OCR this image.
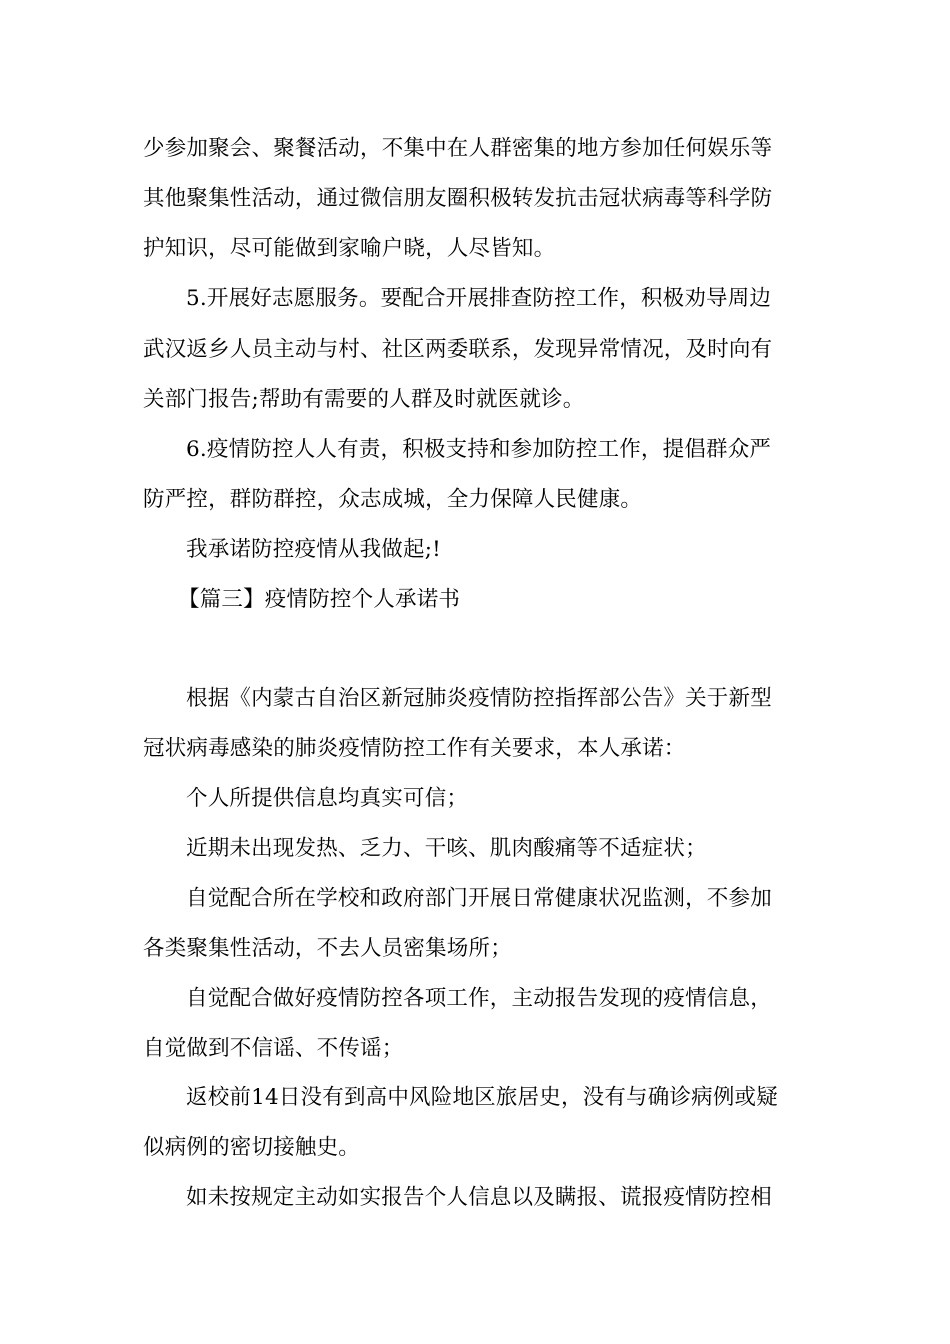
少参加聚会、聚餐活动，不集中在人群密集的地方参加任何娱乐等
其他聚集性活动，通过微信朋友圈积极转发抗击冠状病毒等科学防
护知识，尽可能做到家喻户晓，人尽皆知。
5.开展好志愿服务。要配合开展排查防控工作，积极劝导周边
武汉返乡人员主动与村、社区两委联系，发现异常情况，及时向有
关部门报告;帮助有需要的人群及时就医就诊。
6.疫情防控人人有责，积极支持和参加防控工作，提倡群众严
防严控，群防群控，众志成城，全力保障人民健康。
我承诺防控疫情从我做起;!
【篇三】疫情防控个人承诺书
根据《内蒙古自治区新冠肺炎疫情防控指挥部公告》关于新型
冠状病毒感染的肺炎疫情防控工作有关要求，本人承诺：
个人所提供信息均真实可信；
近期未出现发热、乏力、干咳、肌肉酸痛等不适症状；
自觉配合所在学校和政府部门开展日常健康状况监测，不参加
各类聚集性活动，不去人员密集场所；
自觉配合做好疫情防控各项工作，主动报告发现的疫情信息，
自觉做到不信谣、不传谣；
返校前14日没有到高中风险地区旅居史，没有与确诊病例或疑
似病例的密切接触史。
如未按规定主动如实报告个人信息以及瞒报、谎报疫情防控相
